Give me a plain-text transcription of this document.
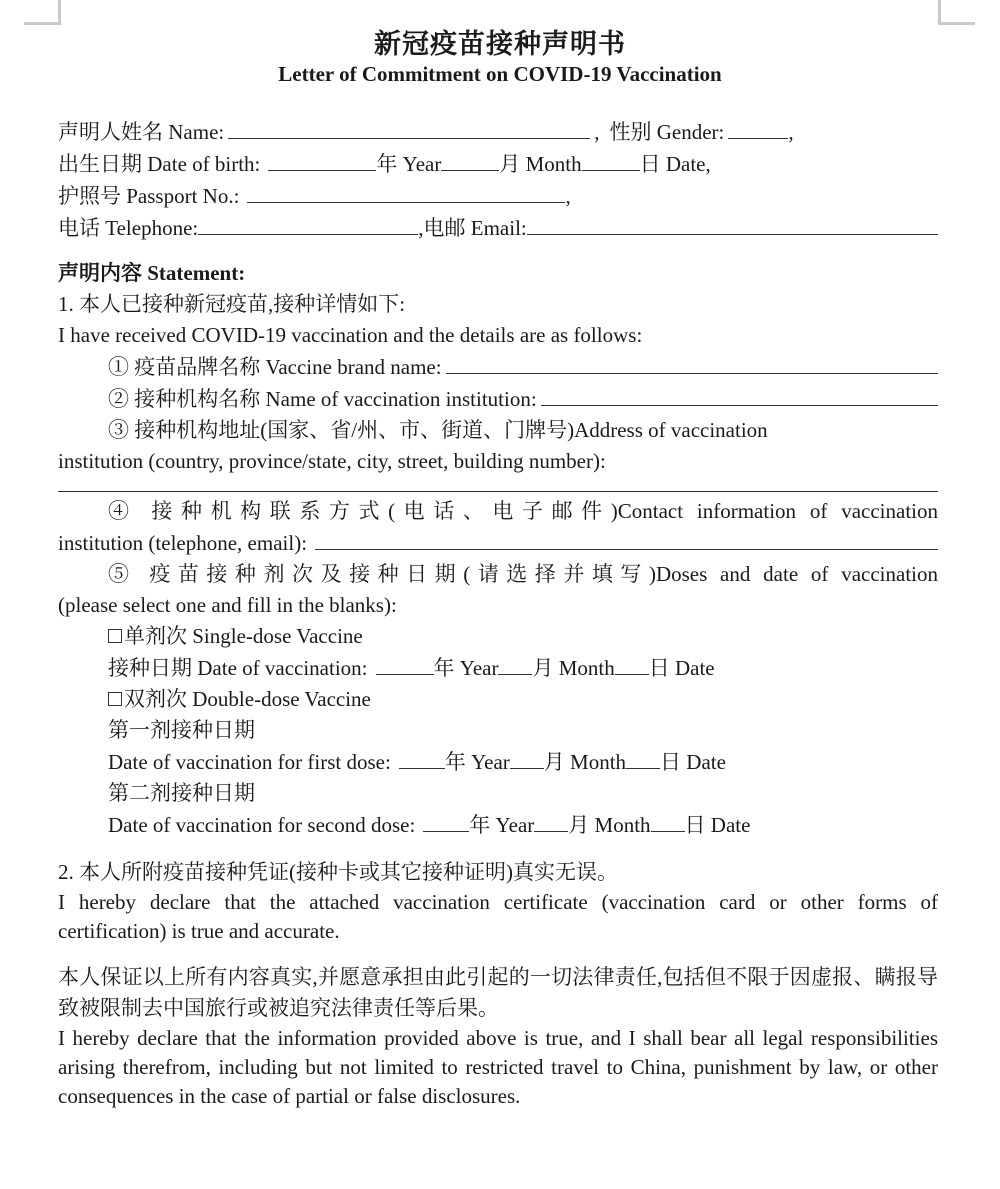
新冠疫苗接种声明书
Letter of Commitment on COVID-19 Vaccination
声明人姓名 Name:	, 性别 Gender:	,
出生日期 Date of birth:	年 Year	月 Month	日 Date,
护照号 Passport No.:	,
电话 Telephone:	,电邮 Email:
声明内容 Statement:
1. 本人已接种新冠疫苗,接种详情如下:
I have received COVID-19 vaccination and the details are as follows:
① 疫苗品牌名称 Vaccine brand name:
② 接种机构名称 Name of vaccination institution:
③ 接种机构地址(国家、省/州、市、街道、门牌号)Address of vaccination
institution (country, province/state, city, street, building number):
④ 接种机构联系方式(电话、电子邮件)Contact information of vaccination
institution (telephone, email):
⑤ 疫苗接种剂次及接种日期(请选择并填写)Doses and date of vaccination
(please select one and fill in the blanks):
单剂次 Single-dose Vaccine
接种日期 Date of vaccination:	年 Year 月 Month 日 Date
双剂次 Double-dose Vaccine
第一剂接种日期
Date of vaccination for first dose:	年 Year 月 Month 日 Date
第二剂接种日期
Date of vaccination for second dose:	年 Year 月 Month 日 Date
2. 本人所附疫苗接种凭证(接种卡或其它接种证明)真实无误。
I hereby declare that the attached vaccination certificate (vaccination card or other forms of certification) is true and accurate.
本人保证以上所有内容真实,并愿意承担由此引起的一切法律责任,包括但不限于因虚报、瞒报导致被限制去中国旅行或被追究法律责任等后果。
I hereby declare that the information provided above is true, and I shall bear all legal responsibilities arising therefrom, including but not limited to restricted travel to China, punishment by law, or other consequences in the case of partial or false disclosures.
